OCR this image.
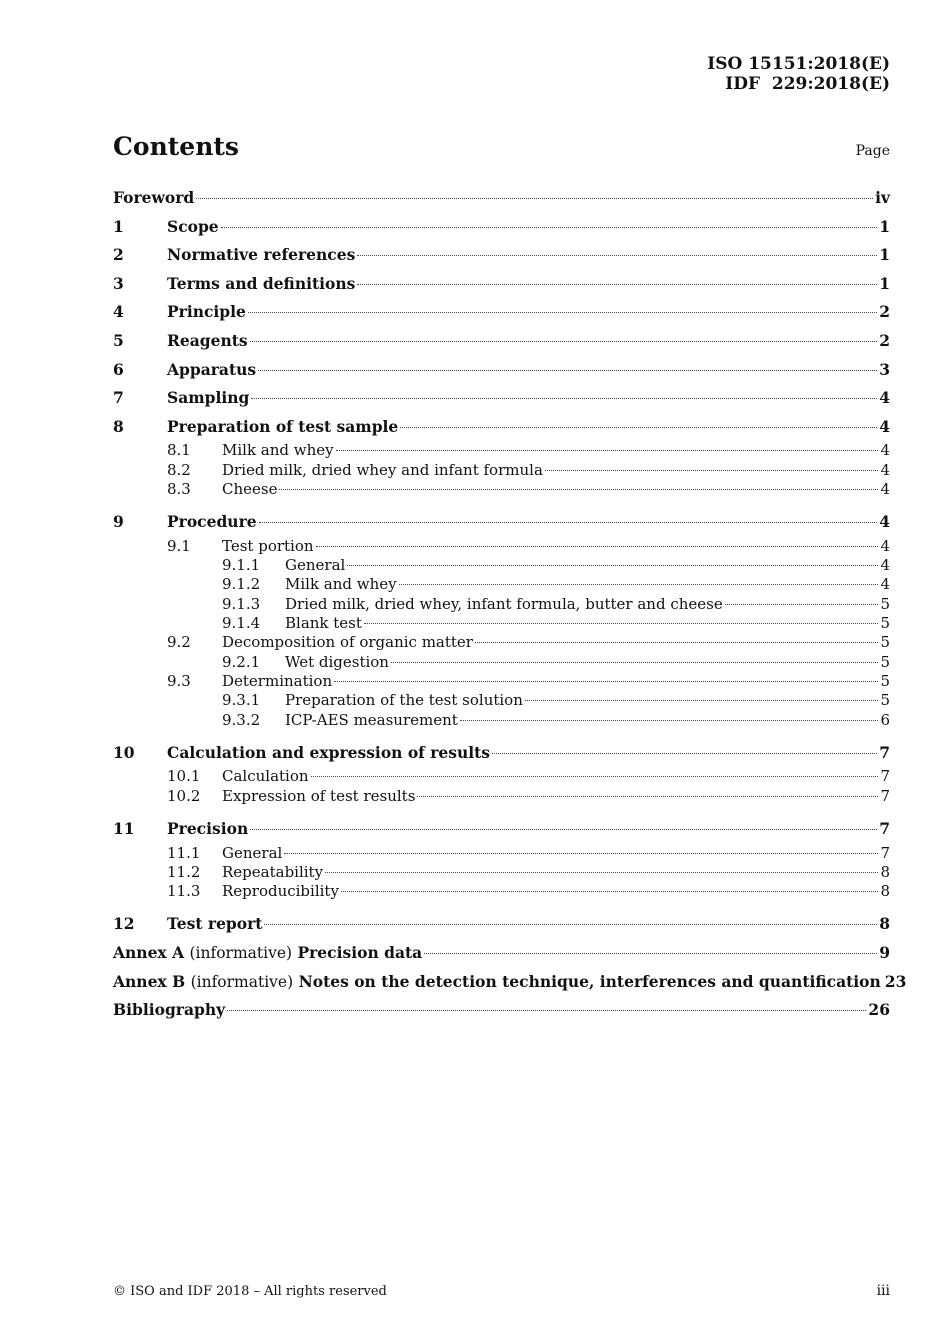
ISO 15151:2018(E)
IDF  229:2018(E)
Contents	Page
Foreword	iv
1	Scope	1
2	Normative references	1
3	Terms and definitions	1
4	Principle	2
5	Reagents	2
6	Apparatus	3
7	Sampling	4
8	Preparation of test sample	4
8.1	Milk and whey	4
8.2	Dried milk, dried whey and infant formula	4
8.3	Cheese	4
9	Procedure	4
9.1	Test portion	4
9.1.1	General	4
9.1.2	Milk and whey	4
9.1.3	Dried milk, dried whey, infant formula, butter and cheese	5
9.1.4	Blank test	5
9.2	Decomposition of organic matter	5
9.2.1	Wet digestion	5
9.3	Determination	5
9.3.1	Preparation of the test solution	5
9.3.2	ICP-AES measurement	6
10	Calculation and expression of results	7
10.1	Calculation	7
10.2	Expression of test results	7
11	Precision	7
11.1	General	7
11.2	Repeatability	8
11.3	Reproducibility	8
12	Test report	8
Annex A (informative) Precision data	9
Annex B (informative) Notes on the detection technique, interferences and quantification 23
Bibliography	26
© ISO and IDF 2018 – All rights reserved	iii
